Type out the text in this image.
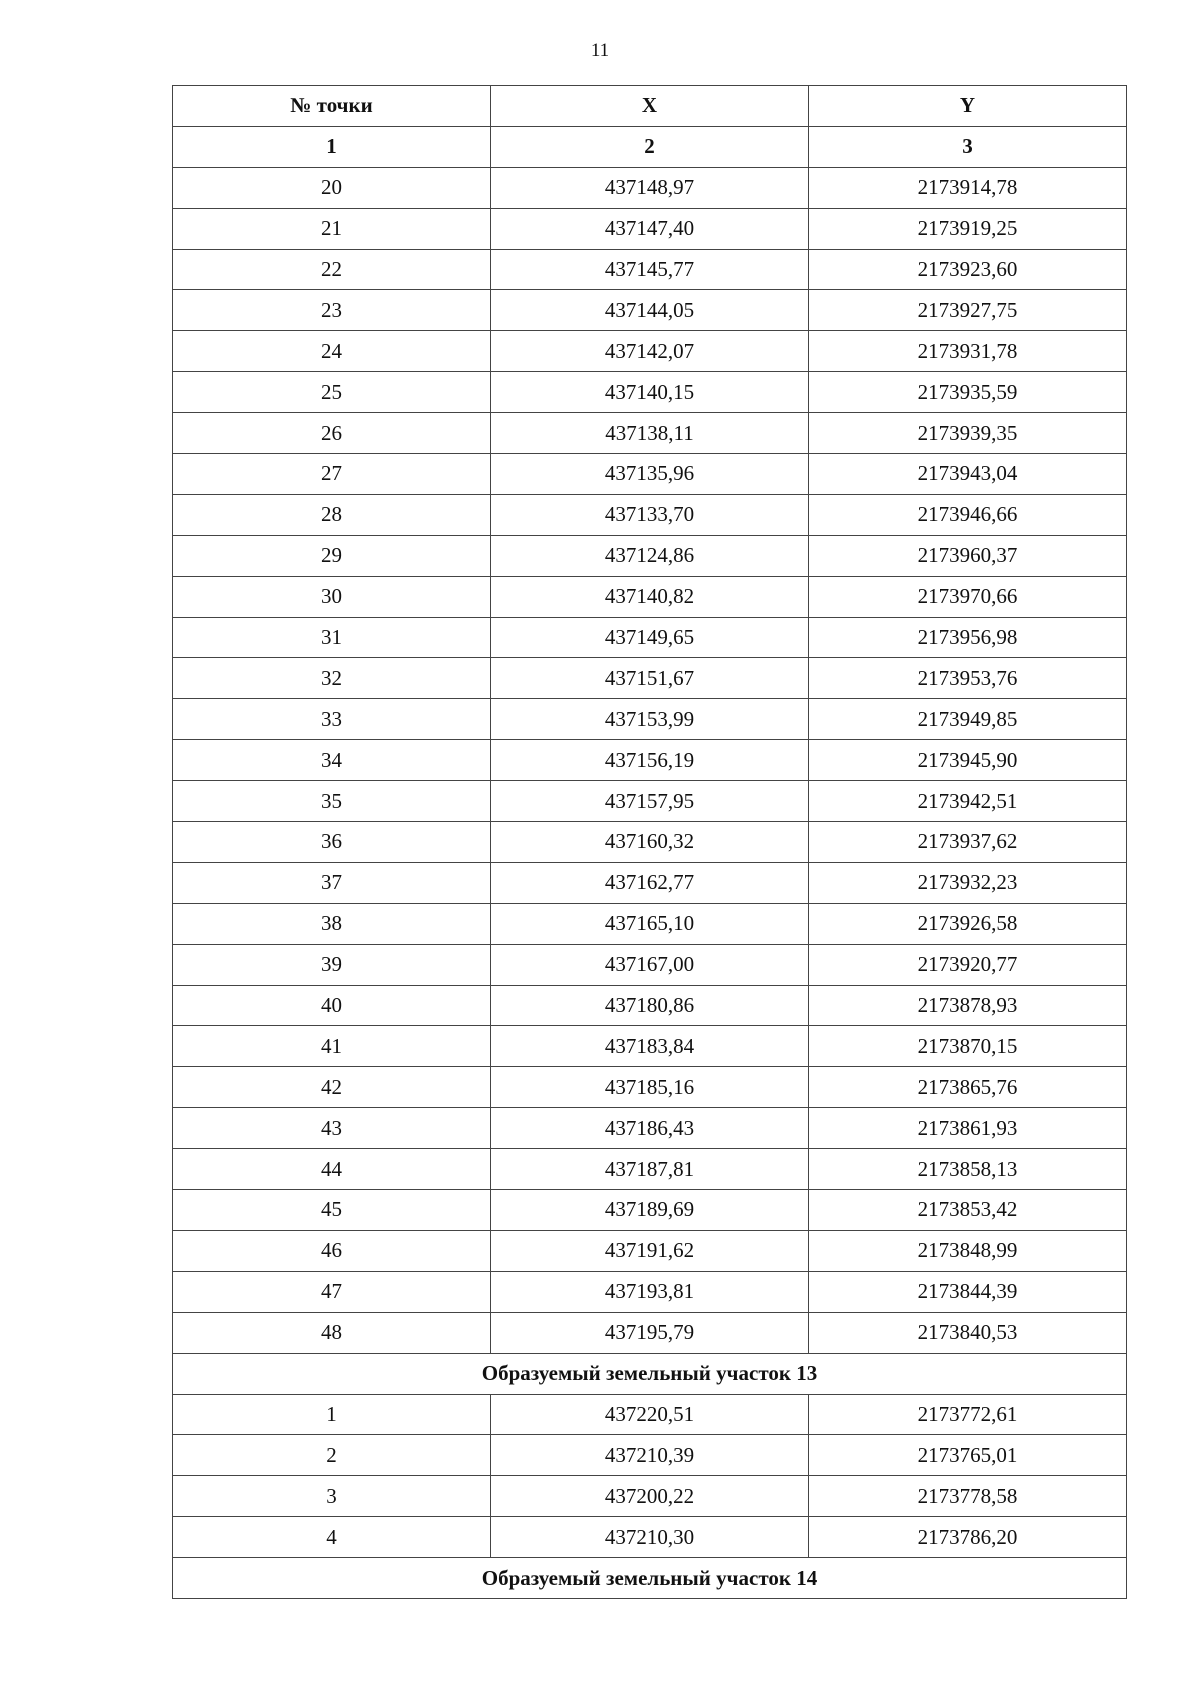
11
№ точки	X	Y
1	2	3
20	437148,97	2173914,78
21	437147,40	2173919,25
22	437145,77	2173923,60
23	437144,05	2173927,75
24	437142,07	2173931,78
25	437140,15	2173935,59
26	437138,11	2173939,35
27	437135,96	2173943,04
28	437133,70	2173946,66
29	437124,86	2173960,37
30	437140,82	2173970,66
31	437149,65	2173956,98
32	437151,67	2173953,76
33	437153,99	2173949,85
34	437156,19	2173945,90
35	437157,95	2173942,51
36	437160,32	2173937,62
37	437162,77	2173932,23
38	437165,10	2173926,58
39	437167,00	2173920,77
40	437180,86	2173878,93
41	437183,84	2173870,15
42	437185,16	2173865,76
43	437186,43	2173861,93
44	437187,81	2173858,13
45	437189,69	2173853,42
46	437191,62	2173848,99
47	437193,81	2173844,39
48	437195,79	2173840,53
Образуемый земельный участок 13		
1	437220,51	2173772,61
2	437210,39	2173765,01
3	437200,22	2173778,58
4	437210,30	2173786,20
Образуемый земельный участок 14		
